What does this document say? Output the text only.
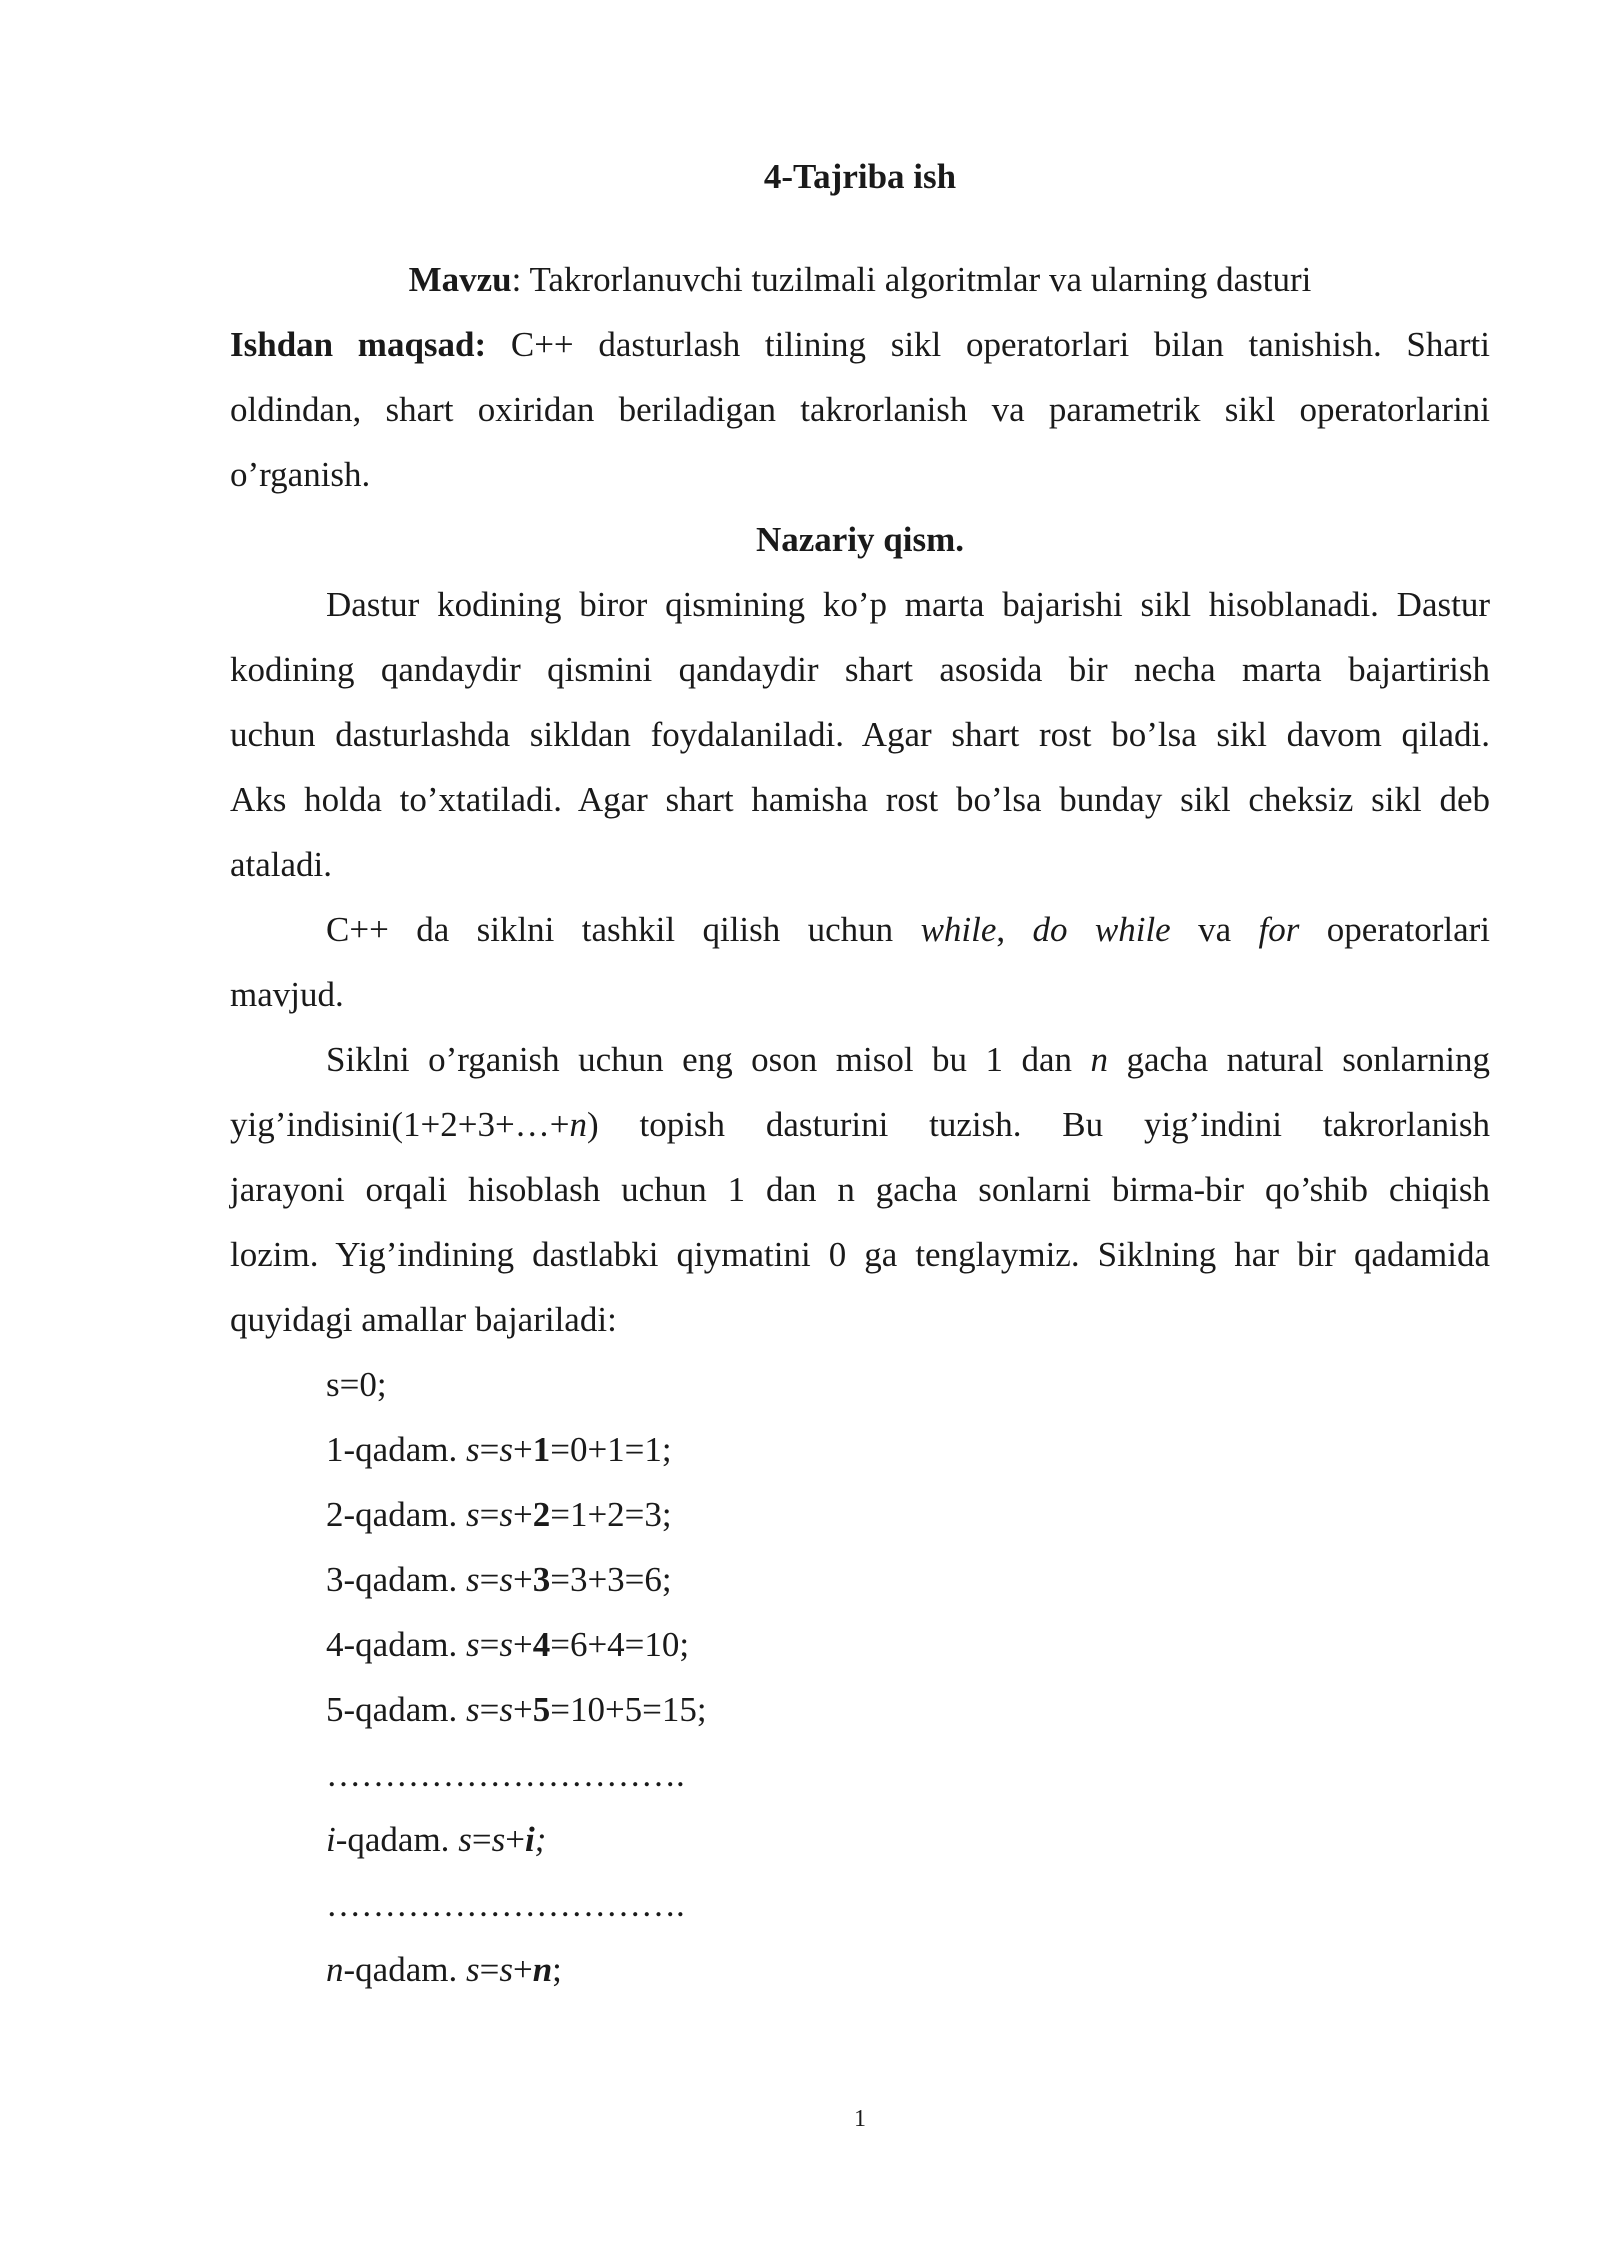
4-Tajriba ish
Mavzu: Takrorlanuvchi tuzilmali algoritmlar va ularning dasturi
Ishdan maqsad: C++ dasturlash tilining sikl operatorlari bilan tanishish. Sharti
oldindan, shart oxiridan beriladigan takrorlanish va parametrik sikl operatorlarini
o’rganish.
Nazariy qism.
Dastur kodining biror qismining ko’p marta bajarishi sikl hisoblanadi. Dastur
kodining qandaydir qismini qandaydir shart asosida bir necha marta bajartirish
uchun dasturlashda sikldan foydalaniladi. Agar shart rost bo’lsa sikl davom qiladi.
Aks holda to’xtatiladi. Agar shart hamisha rost bo’lsa bunday sikl cheksiz sikl deb
ataladi.
C++ da siklni tashkil qilish uchun while, do while va for operatorlari
mavjud.
Siklni o’rganish uchun eng oson misol bu 1 dan n gacha natural sonlarning
yig’indisini(1+2+3+…+n) topish dasturini tuzish. Bu yig’indini takrorlanish
jarayoni orqali hisoblash uchun 1 dan n gacha sonlarni birma-bir qo’shib chiqish
lozim. Yig’indining dastlabki qiymatini 0 ga tenglaymiz. Siklning har bir qadamida
quyidagi amallar bajariladi:
s=0;
1-qadam. s=s+1=0+1=1;
2-qadam. s=s+2=1+2=3;
3-qadam. s=s+3=3+3=6;
4-qadam. s=s+4=6+4=10;
5-qadam. s=s+5=10+5=15;
………………………….
i-qadam. s=s+i;
………………………….
n-qadam. s=s+n;
1
